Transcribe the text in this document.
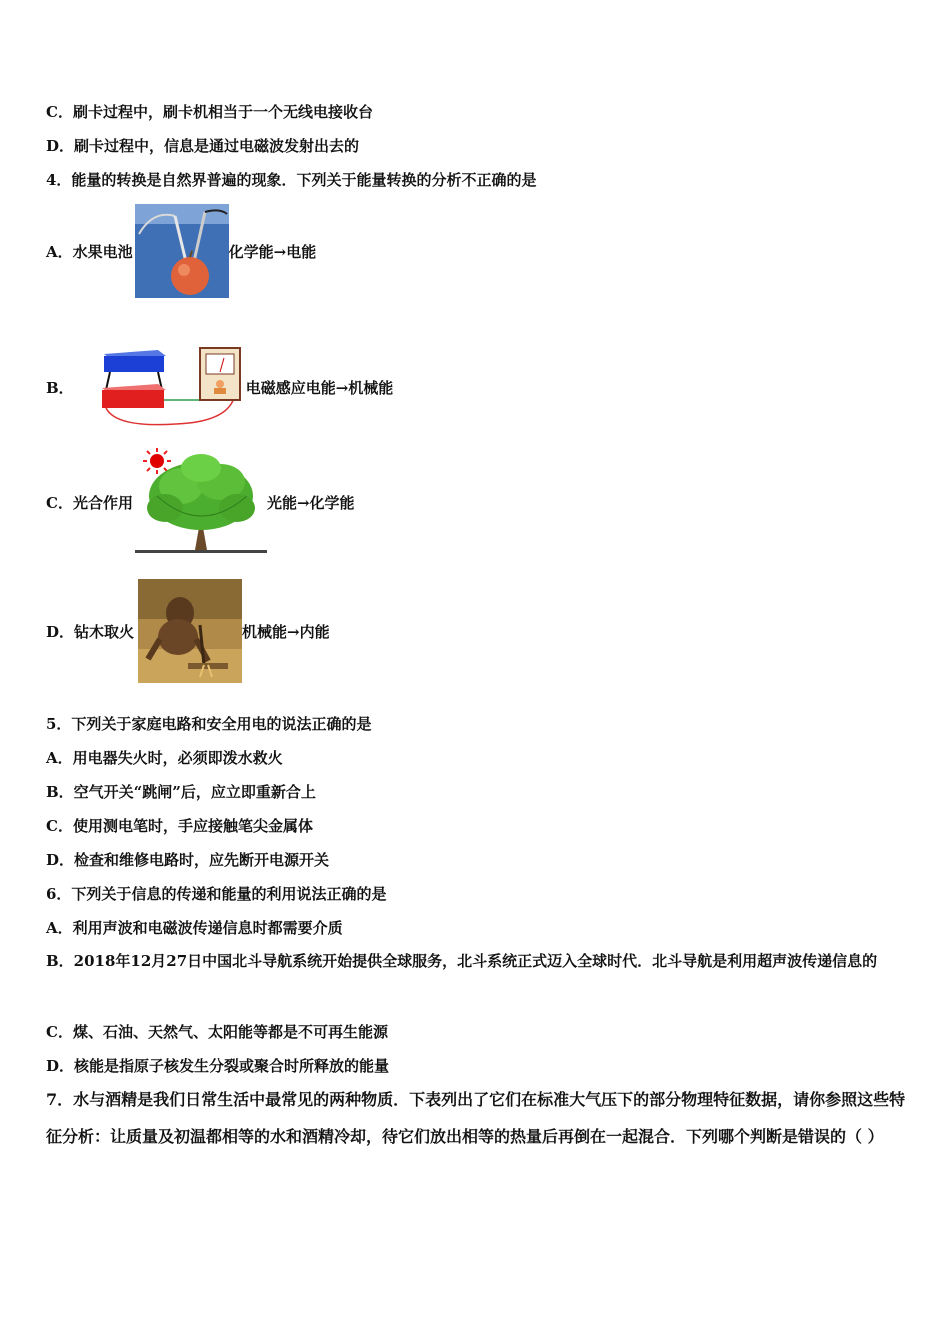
C．刷卡过程中，刷卡机相当于一个无线电接收台
D．刷卡过程中，信息是通过电磁波发射出去的
4．能量的转换是自然界普遍的现象．下列关于能量转换的分析不正确的是
A．水果电池	化学能→电能
B．	电磁感应电能→机械能
C．光合作用	光能→化学能
D．钻木取火	机械能→内能
5．下列关于家庭电路和安全用电的说法正确的是
A．用电器失火时，必须即泼水救火
B．空气开关“跳闸”后，应立即重新合上
C．使用测电笔时，手应接触笔尖金属体
D．检查和维修电路时，应先断开电源开关
6．下列关于信息的传递和能量的利用说法正确的是
A．利用声波和电磁波传递信息时都需要介质
B．2018年12月27日中国北斗导航系统开始提供全球服务，北斗系统正式迈入全球时代．北斗导航是利用超声波传递信息的
C．煤、石油、天然气、太阳能等都是不可再生能源
D．核能是指原子核发生分裂或聚合时所释放的能量
7．水与酒精是我们日常生活中最常见的两种物质．下表列出了它们在标准大气压下的部分物理特征数据，请你参照这些特征分析：让质量及初温都相等的水和酒精冷却，待它们放出相等的热量后再倒在一起混合．下列哪个判断是错误的（ ）
